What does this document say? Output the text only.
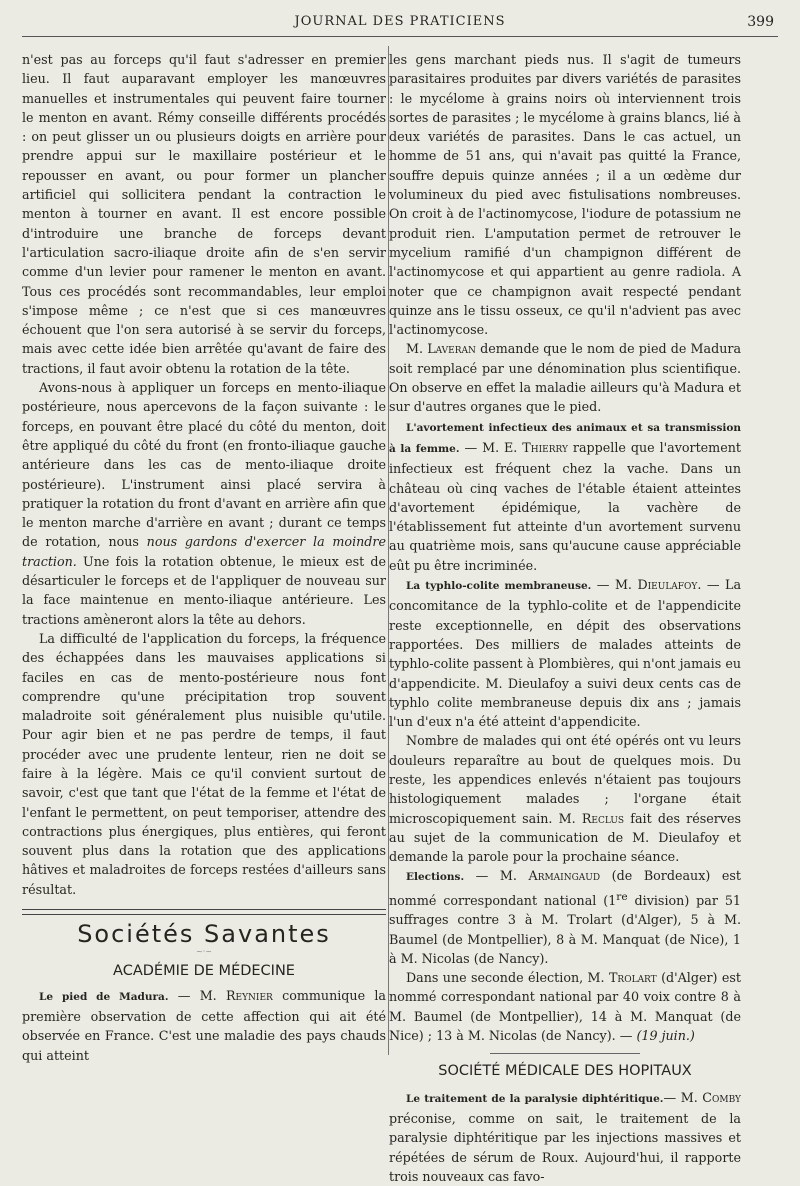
JOURNAL DES PRATICIENS	399

n'est pas au forceps qu'il faut s'adresser en premier lieu. Il faut auparavant employer les manœuvres manuelles et instrumentales qui peuvent faire tourner le menton en avant. Rémy conseille différents procédés : on peut glisser un ou plusieurs doigts en arrière pour prendre appui sur le maxillaire postérieur et le repousser en avant, ou pour former un plancher artificiel qui sollicitera pendant la contraction le menton à tourner en avant. Il est encore possible d'introduire une branche de forceps devant l'articulation sacro-iliaque droite afin de s'en servir comme d'un levier pour ramener le menton en avant. Tous ces procédés sont recommandables, leur emploi s'impose même ; ce n'est que si ces manœuvres échouent que l'on sera autorisé à se servir du forceps, mais avec cette idée bien arrêtée qu'avant de faire des tractions, il faut avoir obtenu la rotation de la tête.

Avons-nous à appliquer un forceps en mento-iliaque postérieure, nous apercevons de la façon suivante : le forceps, en pouvant être placé du côté du menton, doit être appliqué du côté du front (en fronto-iliaque gauche antérieure dans les cas de mento-iliaque droite postérieure). L'instrument ainsi placé servira à pratiquer la rotation du front d'avant en arrière afin que le menton marche d'arrière en avant ; durant ce temps de rotation, nous nous gardons d'exercer la moindre traction. Une fois la rotation obtenue, le mieux est de désarticuler le forceps et de l'appliquer de nouveau sur la face maintenue en mento-iliaque antérieure. Les tractions amèneront alors la tête au dehors.

La difficulté de l'application du forceps, la fréquence des échappées dans les mauvaises applications si faciles en cas de mento-postérieure nous font comprendre qu'une précipitation trop souvent maladroite soit généralement plus nuisible qu'utile. Pour agir bien et ne pas perdre de temps, il faut procéder avec une prudente lenteur, rien ne doit se faire à la légère. Mais ce qu'il convient surtout de savoir, c'est que tant que l'état de la femme et l'état de l'enfant le permettent, on peut temporiser, attendre des contractions plus énergiques, plus entières, qui feront souvent plus dans la rotation que des applications hâtives et maladroites de forceps restées d'ailleurs sans résultat.

Sociétés Savantes
~·~
ACADÉMIE DE MÉDECINE

Le pied de Madura. — M. Reynier communique la première observation de cette affection qui ait été observée en France. C'est une maladie des pays chauds qui atteint

les gens marchant pieds nus. Il s'agit de tumeurs parasitaires produites par divers variétés de parasites : le mycélome à grains noirs où interviennent trois sortes de parasites ; le mycélome à grains blancs, lié à deux variétés de parasites. Dans le cas actuel, un homme de 51 ans, qui n'avait pas quitté la France, souffre depuis quinze années ; il a un œdème dur volumineux du pied avec fistulisations nombreuses. On croit à de l'actinomycose, l'iodure de potassium ne produit rien. L'amputation permet de retrouver le mycelium ramifié d'un champignon différent de l'actinomycose et qui appartient au genre radiola. A noter que ce champignon avait respecté pendant quinze ans le tissu osseux, ce qu'il n'advient pas avec l'actinomycose.

M. Laveran demande que le nom de pied de Madura soit remplacé par une dénomination plus scientifique. On observe en effet la maladie ailleurs qu'à Madura et sur d'autres organes que le pied.

L'avortement infectieux des animaux et sa transmission à la femme. — M. E. Thierry rappelle que l'avortement infectieux est fréquent chez la vache. Dans un château où cinq vaches de l'étable étaient atteintes d'avortement épidémique, la vachère de l'établissement fut atteinte d'un avortement survenu au quatrième mois, sans qu'aucune cause appréciable eût pu être incriminée.

La typhlo-colite membraneuse. — M. Dieulafoy. — La concomitance de la typhlo-colite et de l'appendicite reste exceptionnelle, en dépit des observations rapportées. Des milliers de malades atteints de typhlo-colite passent à Plombières, qui n'ont jamais eu d'appendicite. M. Dieulafoy a suivi deux cents cas de typhlo colite membraneuse depuis dix ans ; jamais l'un d'eux n'a été atteint d'appendicite.

Nombre de malades qui ont été opérés ont vu leurs douleurs reparaître au bout de quelques mois. Du reste, les appendices enlevés n'étaient pas toujours histologiquement malades ; l'organe était microscopiquement sain. M. Reclus fait des réserves au sujet de la communication de M. Dieulafoy et demande la parole pour la prochaine séance.

Elections. — M. Armaingaud (de Bordeaux) est nommé correspondant national (1re division) par 51 suffrages contre 3 à M. Trolart (d'Alger), 5 à M. Baumel (de Montpellier), 8 à M. Manquat (de Nice), 1 à M. Nicolas (de Nancy).

Dans une seconde élection, M. Trolart (d'Alger) est nommé correspondant national par 40 voix contre 8 à M. Baumel (de Montpellier), 14 à M. Manquat (de Nice) ; 13 à M. Nicolas (de Nancy). — (19 juin.)

SOCIÉTÉ MÉDICALE DES HOPITAUX

Le traitement de la paralysie diphtéritique.— M. Comby préconise, comme on sait, le traitement de la paralysie diphtéritique par les injections massives et répétées de sérum de Roux. Aujourd'hui, il rapporte trois nouveaux cas favo-
